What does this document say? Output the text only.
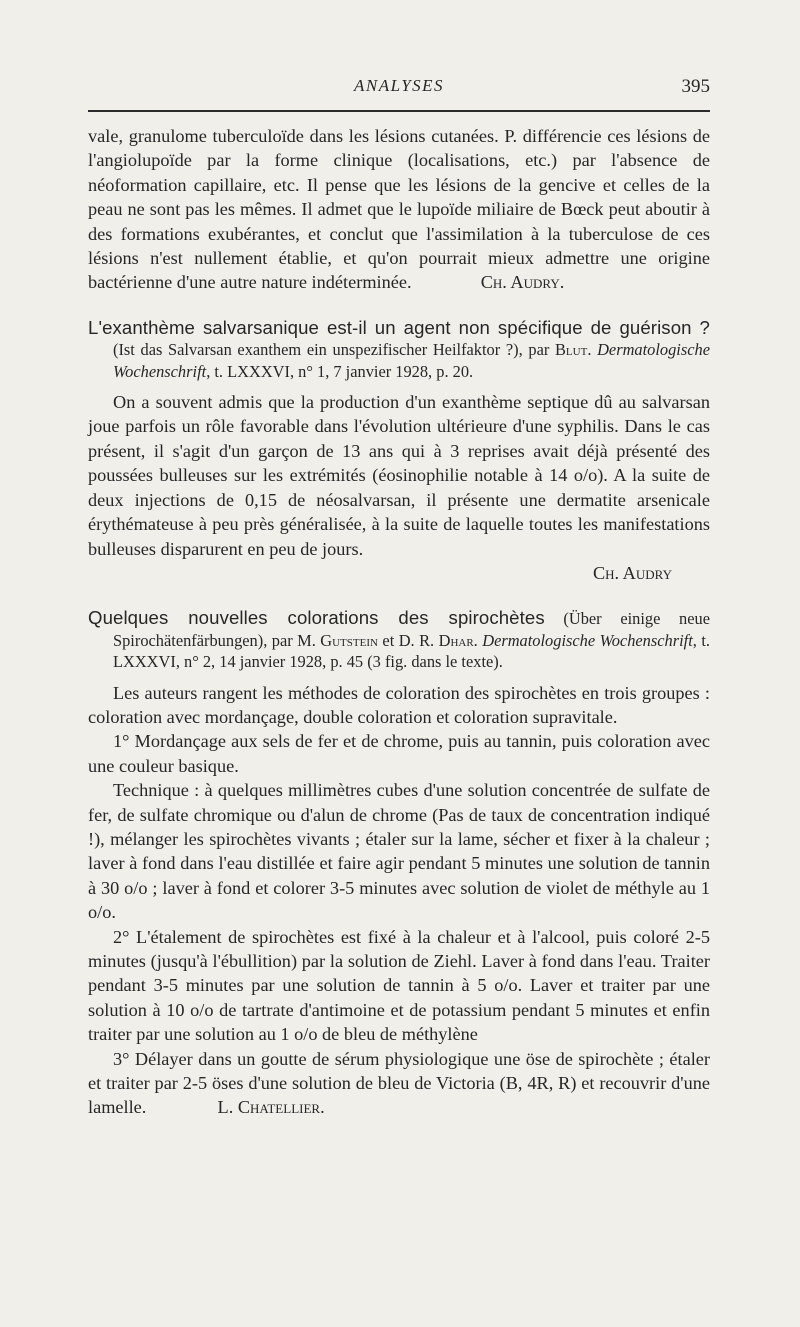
ANALYSES	395

vale, granulome tuberculoïde dans les lésions cutanées. P. différencie ces lésions de l'angiolupoïde par la forme clinique (localisations, etc.) par l'absence de néoformation capillaire, etc. Il pense que les lésions de la gencive et celles de la peau ne sont pas les mêmes. Il admet que le lupoïde miliaire de Bœck peut aboutir à des formations exubérantes, et conclut que l'assimilation à la tuberculose de ces lésions n'est nullement établie, et qu'on pourrait mieux admettre une origine bactérienne d'une autre nature indéterminée.	Ch. Audry.

L'exanthème salvarsanique est-il un agent non spécifique de guérison ? (Ist das Salvarsan exanthem ein unspezifischer Heilfaktor ?), par Blut. Dermatologische Wochenschrift, t. LXXXVI, n° 1, 7 janvier 1928, p. 20.

On a souvent admis que la production d'un exanthème septique dû au salvarsan joue parfois un rôle favorable dans l'évolution ultérieure d'une syphilis. Dans le cas présent, il s'agit d'un garçon de 13 ans qui à 3 reprises avait déjà présenté des poussées bulleuses sur les extrémités (éosinophilie notable à 14 o/o). A la suite de deux injections de 0,15 de néosalvarsan, il présente une dermatite arsenicale érythémateuse à peu près généralisée, à la suite de laquelle toutes les manifestations bulleuses disparurent en peu de jours.

Ch. Audry

Quelques nouvelles colorations des spirochètes (Über einige neue Spirochätenfärbungen), par M. Gutstein et D. R. Dhar. Dermatologische Wochenschrift, t. LXXXVI, n° 2, 14 janvier 1928, p. 45 (3 fig. dans le texte).

Les auteurs rangent les méthodes de coloration des spirochètes en trois groupes : coloration avec mordançage, double coloration et coloration supravitale.

1° Mordançage aux sels de fer et de chrome, puis au tannin, puis coloration avec une couleur basique.

Technique : à quelques millimètres cubes d'une solution concentrée de sulfate de fer, de sulfate chromique ou d'alun de chrome (Pas de taux de concentration indiqué !), mélanger les spirochètes vivants ; étaler sur la lame, sécher et fixer à la chaleur ; laver à fond dans l'eau distillée et faire agir pendant 5 minutes une solution de tannin à 30 o/o ; laver à fond et colorer 3-5 minutes avec solution de violet de méthyle au 1 o/o.

2° L'étalement de spirochètes est fixé à la chaleur et à l'alcool, puis coloré 2-5 minutes (jusqu'à l'ébullition) par la solution de Ziehl. Laver à fond dans l'eau. Traiter pendant 3-5 minutes par une solution de tannin à 5 o/o. Laver et traiter par une solution à 10 o/o de tartrate d'antimoine et de potassium pendant 5 minutes et enfin traiter par une solution au 1 o/o de bleu de méthylène

3° Délayer dans un goutte de sérum physiologique une öse de spirochète ; étaler et traiter par 2-5 öses d'une solution de bleu de Victoria (B, 4R, R) et recouvrir d'une lamelle.	L. Chatellier.
